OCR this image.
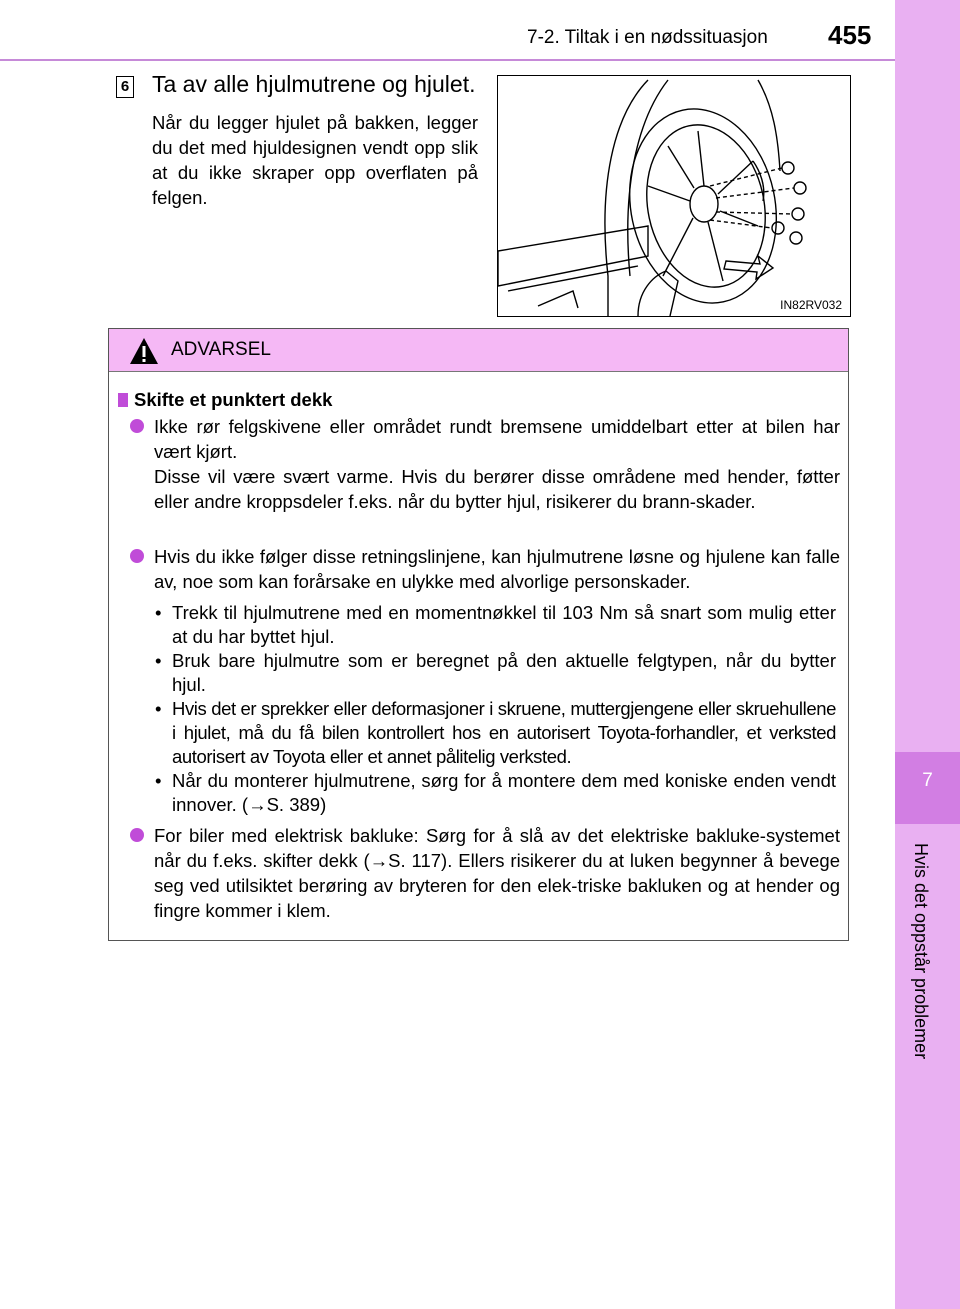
7-2. Tiltak i en nødssituasjon 455
7
Hvis det oppstår problemer
6 Ta av alle hjulmutrene og hjulet.
Når du legger hjulet på bakken, legger du det med hjuldesignen vendt opp slik at du ikke skraper opp overflaten på felgen.
IN82RV032
ADVARSEL
Skifte et punktert dekk
Ikke rør felgskivene eller området rundt bremsene umiddelbart etter at bilen har vært kjørt.
Disse vil være svært varme. Hvis du berører disse områdene med hender, føtter eller andre kroppsdeler f.eks. når du bytter hjul, risikerer du brann-skader.
Hvis du ikke følger disse retningslinjene, kan hjulmutrene løsne og hjulene kan falle av, noe som kan forårsake en ulykke med alvorlige personskader.
• Trekk til hjulmutrene med en momentnøkkel til 103 Nm så snart som mulig etter at du har byttet hjul.
• Bruk bare hjulmutre som er beregnet på den aktuelle felgtypen, når du bytter hjul.
• Hvis det er sprekker eller deformasjoner i skruene, muttergjengene eller skruehullene i hjulet, må du få bilen kontrollert hos en autorisert Toyota-forhandler, et verksted autorisert av Toyota eller et annet pålitelig verksted.
• Når du monterer hjulmutrene, sørg for å montere dem med koniske enden vendt innover. (→S. 389)
For biler med elektrisk bakluke: Sørg for å slå av det elektriske bakluke-systemet når du f.eks. skifter dekk (→S. 117). Ellers risikerer du at luken begynner å bevege seg ved utilsiktet berøring av bryteren for den elek-triske bakluken og at hender og fingre kommer i klem.
